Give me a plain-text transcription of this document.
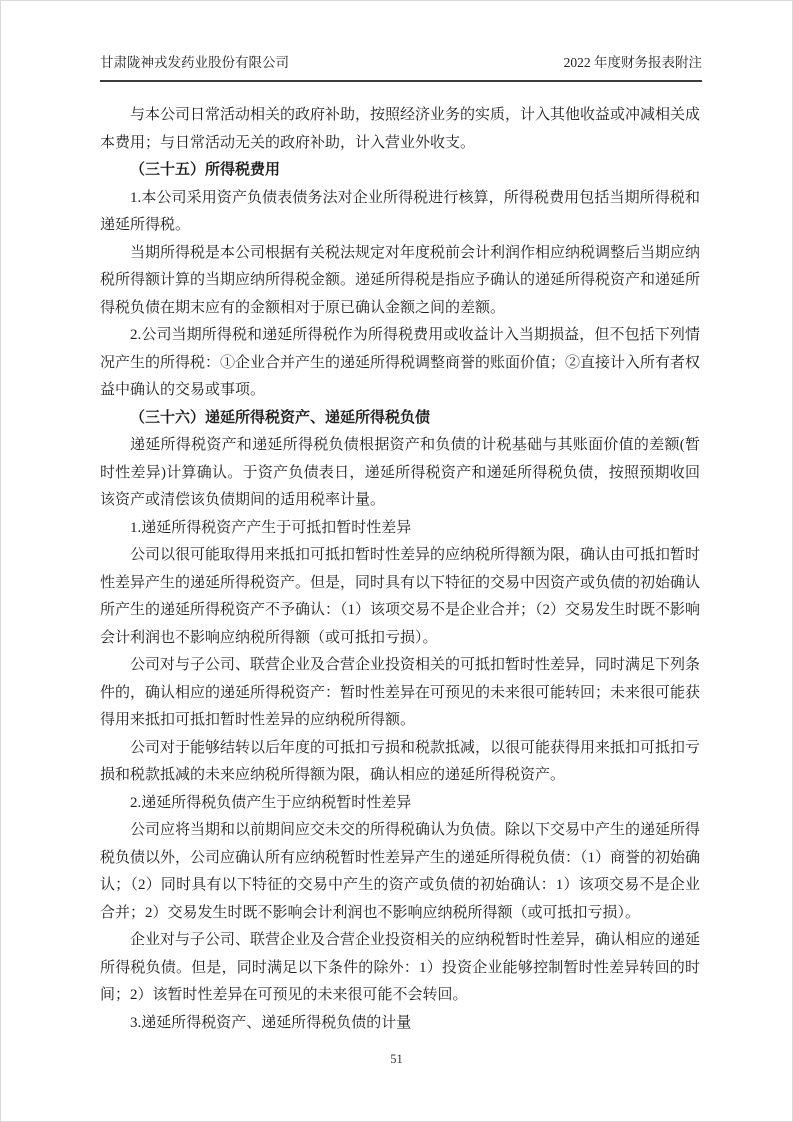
甘肃陇神戎发药业股份有限公司	2022 年度财务报表附注

与本公司日常活动相关的政府补助，按照经济业务的实质，计入其他收益或冲减相关成本费用；与日常活动无关的政府补助，计入营业外收支。

（三十五）所得税费用

1.本公司采用资产负债表债务法对企业所得税进行核算，所得税费用包括当期所得税和递延所得税。

当期所得税是本公司根据有关税法规定对年度税前会计利润作相应纳税调整后当期应纳税所得额计算的当期应纳所得税金额。递延所得税是指应予确认的递延所得税资产和递延所得税负债在期末应有的金额相对于原已确认金额之间的差额。

2.公司当期所得税和递延所得税作为所得税费用或收益计入当期损益，但不包括下列情况产生的所得税：①企业合并产生的递延所得税调整商誉的账面价值；②直接计入所有者权益中确认的交易或事项。

（三十六）递延所得税资产、递延所得税负债

递延所得税资产和递延所得税负债根据资产和负债的计税基础与其账面价值的差额(暂时性差异)计算确认。于资产负债表日，递延所得税资产和递延所得税负债，按照预期收回该资产或清偿该负债期间的适用税率计量。

1.递延所得税资产产生于可抵扣暂时性差异

公司以很可能取得用来抵扣可抵扣暂时性差异的应纳税所得额为限，确认由可抵扣暂时性差异产生的递延所得税资产。但是，同时具有以下特征的交易中因资产或负债的初始确认所产生的递延所得税资产不予确认：（1）该项交易不是企业合并；（2）交易发生时既不影响会计利润也不影响应纳税所得额（或可抵扣亏损）。

公司对与子公司、联营企业及合营企业投资相关的可抵扣暂时性差异，同时满足下列条件的，确认相应的递延所得税资产：暂时性差异在可预见的未来很可能转回；未来很可能获得用来抵扣可抵扣暂时性差异的应纳税所得额。

公司对于能够结转以后年度的可抵扣亏损和税款抵减，以很可能获得用来抵扣可抵扣亏损和税款抵减的未来应纳税所得额为限，确认相应的递延所得税资产。

2.递延所得税负债产生于应纳税暂时性差异

公司应将当期和以前期间应交未交的所得税确认为负债。除以下交易中产生的递延所得税负债以外，公司应确认所有应纳税暂时性差异产生的递延所得税负债：（1）商誉的初始确认；（2）同时具有以下特征的交易中产生的资产或负债的初始确认：1）该项交易不是企业合并；2）交易发生时既不影响会计利润也不影响应纳税所得额（或可抵扣亏损）。

企业对与子公司、联营企业及合营企业投资相关的应纳税暂时性差异，确认相应的递延所得税负债。但是，同时满足以下条件的除外：1）投资企业能够控制暂时性差异转回的时间；2）该暂时性差异在可预见的未来很可能不会转回。

3.递延所得税资产、递延所得税负债的计量

51
